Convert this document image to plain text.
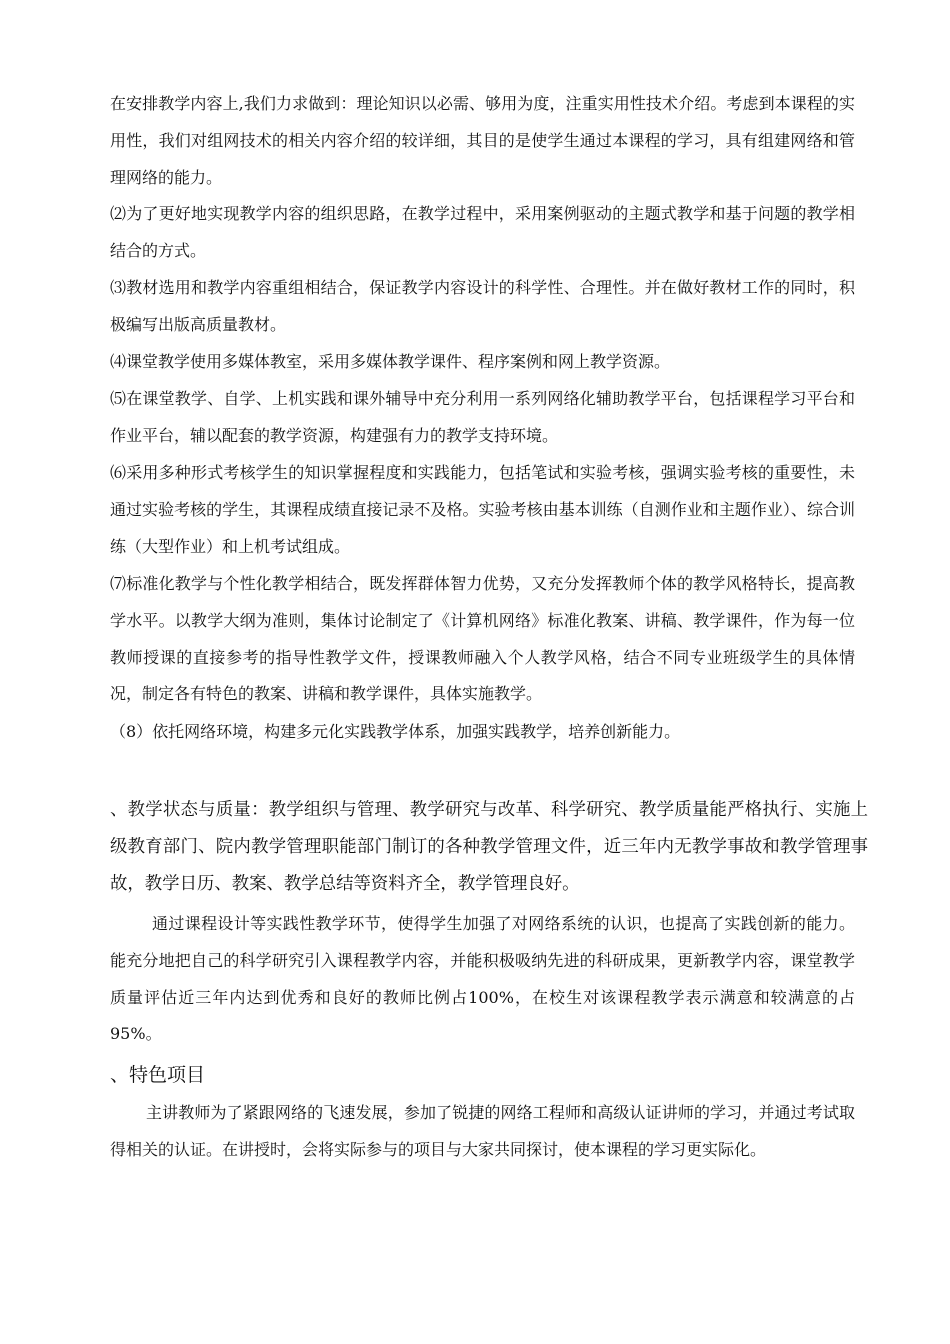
在安排教学内容上,我们力求做到：理论知识以必需、够用为度，注重实用性技术介绍。考虑到本课程的实用性，我们对组网技术的相关内容介绍的较详细，其目的是使学生通过本课程的学习，具有组建网络和管理网络的能力。

⑵为了更好地实现教学内容的组织思路，在教学过程中，采用案例驱动的主题式教学和基于问题的教学相结合的方式。

⑶教材选用和教学内容重组相结合，保证教学内容设计的科学性、合理性。并在做好教材工作的同时，积极编写出版高质量教材。

⑷课堂教学使用多媒体教室，采用多媒体教学课件、程序案例和网上教学资源。

⑸在课堂教学、自学、上机实践和课外辅导中充分利用一系列网络化辅助教学平台，包括课程学习平台和作业平台，辅以配套的教学资源，构建强有力的教学支持环境。

⑹采用多种形式考核学生的知识掌握程度和实践能力，包括笔试和实验考核，强调实验考核的重要性，未通过实验考核的学生，其课程成绩直接记录不及格。实验考核由基本训练（自测作业和主题作业）、综合训练（大型作业）和上机考试组成。

⑺标准化教学与个性化教学相结合，既发挥群体智力优势，又充分发挥教师个体的教学风格特长，提高教学水平。以教学大纲为准则，集体讨论制定了《计算机网络》标准化教案、讲稿、教学课件，作为每一位教师授课的直接参考的指导性教学文件，授课教师融入个人教学风格，结合不同专业班级学生的具体情况，制定各有特色的教案、讲稿和教学课件，具体实施教学。

（8）依托网络环境，构建多元化实践教学体系，加强实践教学，培养创新能力。

、教学状态与质量：教学组织与管理、教学研究与改革、科学研究、教学质量能严格执行、实施上级教育部门、院内教学管理职能部门制订的各种教学管理文件，近三年内无教学事故和教学管理事故，教学日历、教案、教学总结等资料齐全，教学管理良好。

通过课程设计等实践性教学环节，使得学生加强了对网络系统的认识，也提高了实践创新的能力。能充分地把自己的科学研究引入课程教学内容，并能积极吸纳先进的科研成果，更新教学内容，课堂教学质量评估近三年内达到优秀和良好的教师比例占100%，在校生对该课程教学表示满意和较满意的占95%。

、特色项目

主讲教师为了紧跟网络的飞速发展，参加了锐捷的网络工程师和高级认证讲师的学习，并通过考试取得相关的认证。在讲授时，会将实际参与的项目与大家共同探讨，使本课程的学习更实际化。
